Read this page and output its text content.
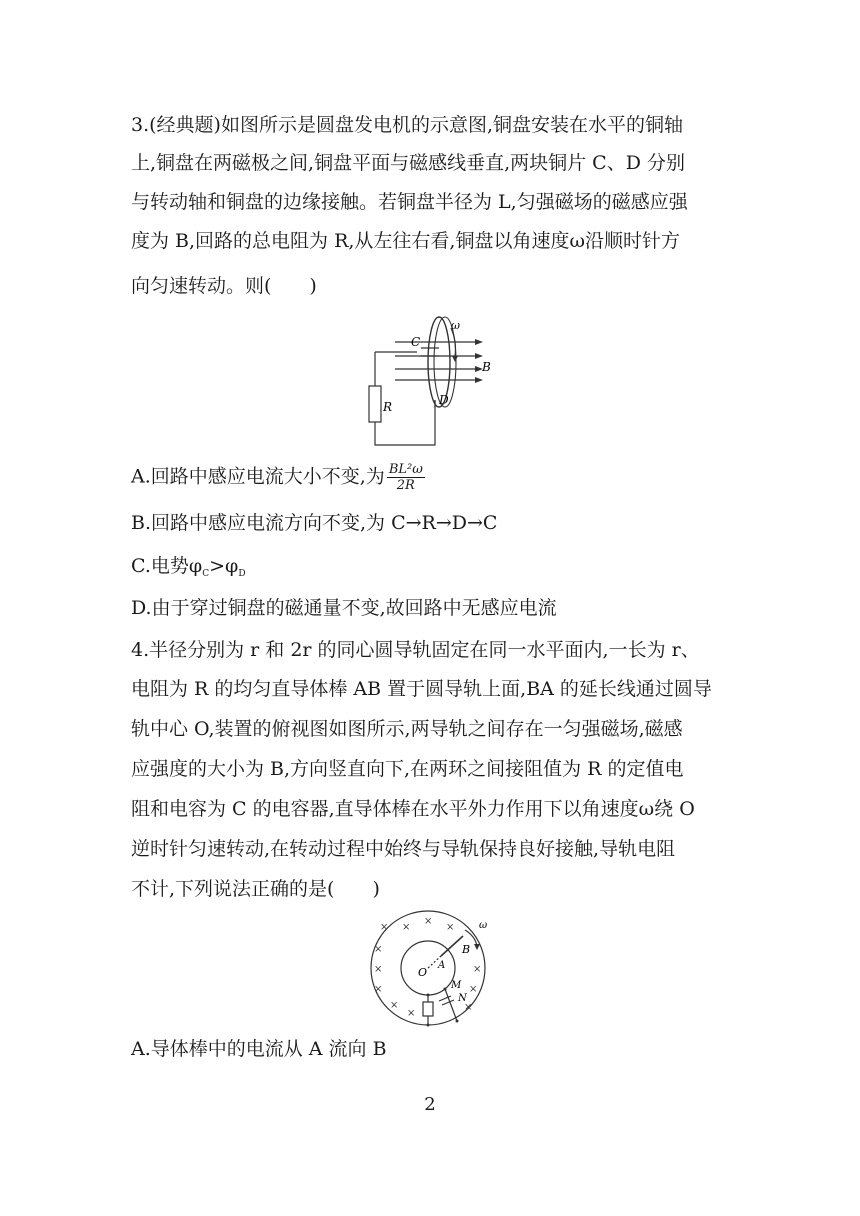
3.(经典题)如图所示是圆盘发电机的示意图,铜盘安装在水平的铜轴
上,铜盘在两磁极之间,铜盘平面与磁感线垂直,两块铜片 C、D 分别
与转动轴和铜盘的边缘接触。若铜盘半径为 L,匀强磁场的磁感应强
度为 B,回路的总电阻为 R,从左往右看,铜盘以角速度ω沿顺时针方
向匀速转动。则(　　)
ω
C
B
R	D
A.回路中感应电流大小不变,为 $\frac{\text{BL²ω}}{2R}$
B.回路中感应电流方向不变,为 C→R→D→C
C.电势$\varphi_C>\varphi_D$
D.由于穿过铜盘的磁通量不变,故回路中无感应电流
4.半径分别为 r 和 2r 的同心圆导轨固定在同一水平面内,一长为 r、
电阻为 R 的均匀直导体棒 AB 置于圆导轨上面,BA 的延长线通过圆导
轨中心 O,装置的俯视图如图所示,两导轨之间存在一匀强磁场,磁感
应强度的大小为 B,方向竖直向下,在两环之间接阻值为 R 的定值电
阻和电容为 C 的电容器,直导体棒在水平外力作用下以角速度ω绕 O
逆时针匀速转动,在转动过程中始终与导轨保持良好接触,导轨电阻
不计,下列说法正确的是(　　)
× ×
×
×
×
×
×
×
×
×
×
×
ω
B
A
O
M
N
A.导体棒中的电流从 A 流向 B
2
